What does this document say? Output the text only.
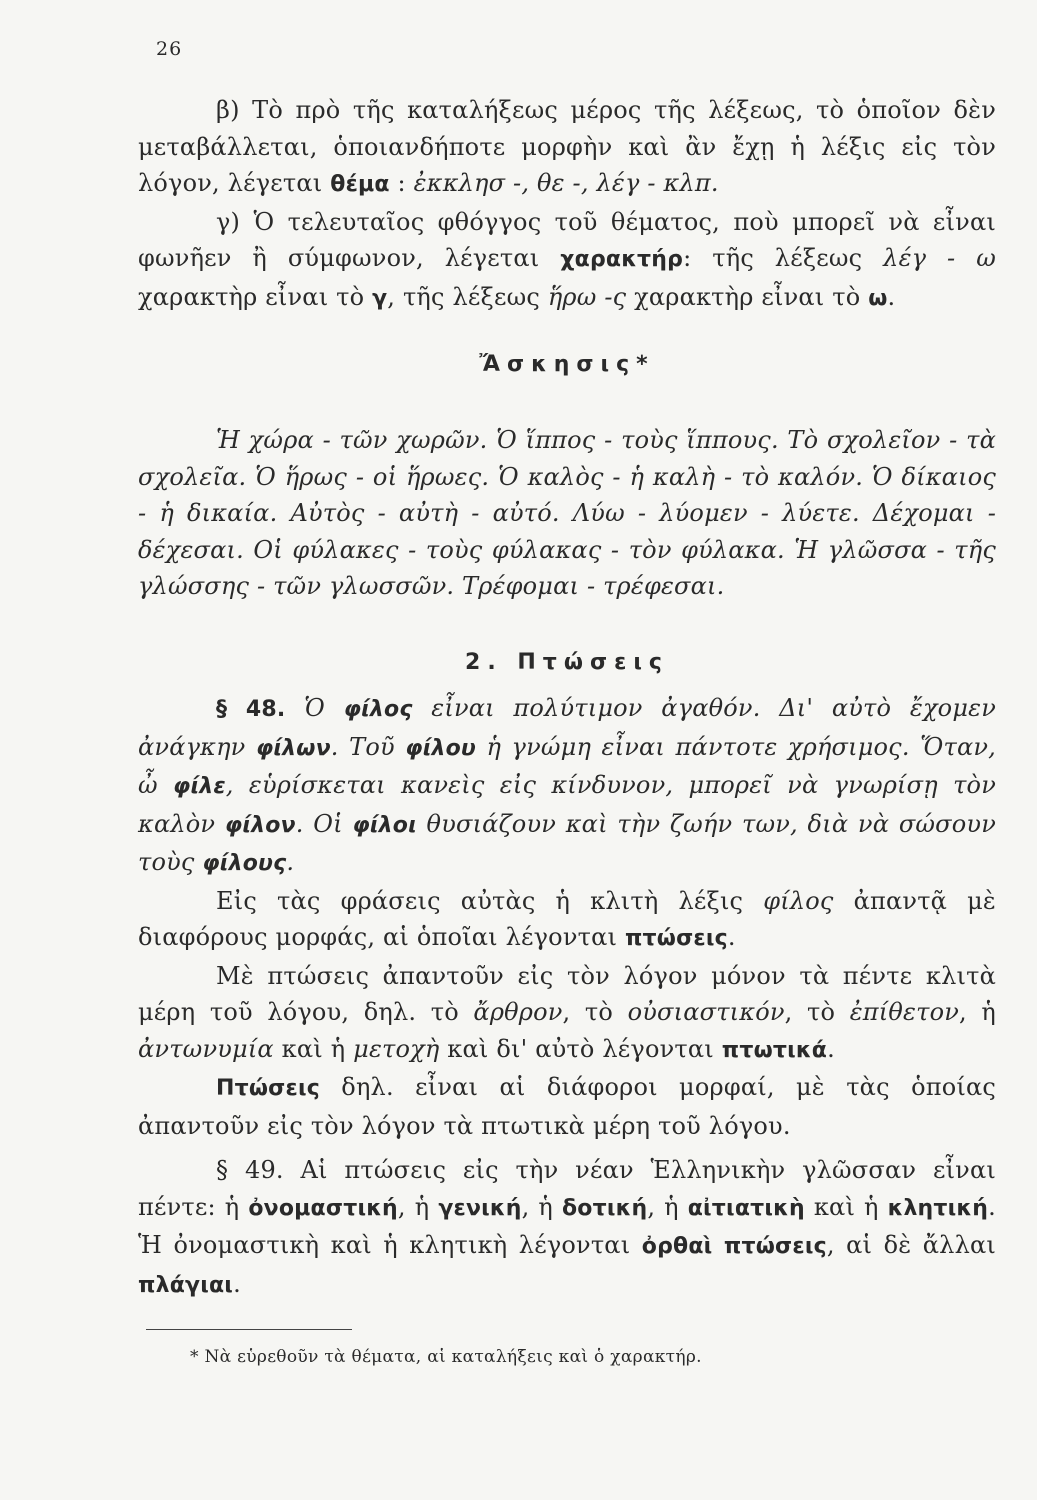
26

β) Τὸ πρὸ τῆς καταλήξεως μέρος τῆς λέξεως, τὸ ὁποῖον δὲν μεταβάλλεται, ὁποιανδήποτε μορφὴν καὶ ἂν ἔχῃ ἡ λέξις εἰς τὸν λόγον, λέγεται θέμα : ἐκκλησ -, θε -, λέγ - κλπ.

γ) Ὁ τελευταῖος φθόγγος τοῦ θέματος, ποὺ μπορεῖ νὰ εἶναι φωνῆεν ἢ σύμφωνον, λέγεται χαρακτήρ: τῆς λέξεως λέγ - ω χαρακτὴρ εἶναι τὸ γ, τῆς λέξεως ἥρω -ς χαρακτὴρ εἶναι τὸ ω.

Ἄσκησις*

Ἡ χώρα - τῶν χωρῶν. Ὁ ἵππος - τοὺς ἵππους. Τὸ σχολεῖον - τὰ σχολεῖα. Ὁ ἥρως - οἱ ἥρωες. Ὁ καλὸς - ἡ καλὴ - τὸ καλόν. Ὁ δίκαιος - ἡ δικαία. Αὐτὸς - αὐτὴ - αὐτό. Λύω - λύομεν - λύετε. Δέχομαι - δέχεσαι. Οἱ φύλακες - τοὺς φύλακας - τὸν φύλακα. Ἡ γλῶσσα - τῆς γλώσσης - τῶν γλωσσῶν. Τρέφομαι - τρέφεσαι.

2. Πτώσεις

§ 48. Ὁ φίλος εἶναι πολύτιμον ἀγαθόν. Δι' αὐτὸ ἔχομεν ἀνάγκην φίλων. Τοῦ φίλου ἡ γνώμη εἶναι πάντοτε χρήσιμος. Ὅταν, ὦ φίλε, εὑρίσκεται κανεὶς εἰς κίνδυνον, μπορεῖ νὰ γνωρίσῃ τὸν καλὸν φίλον. Οἱ φίλοι θυσιάζουν καὶ τὴν ζωήν των, διὰ νὰ σώσουν τοὺς φίλους.

Εἰς τὰς φράσεις αὐτὰς ἡ κλιτὴ λέξις φίλος ἀπαντᾷ μὲ διαφόρους μορφάς, αἱ ὁποῖαι λέγονται πτώσεις.

Μὲ πτώσεις ἀπαντοῦν εἰς τὸν λόγον μόνον τὰ πέντε κλιτὰ μέρη τοῦ λόγου, δηλ. τὸ ἄρθρον, τὸ οὐσιαστικόν, τὸ ἐπίθετον, ἡ ἀντωνυμία καὶ ἡ μετοχὴ καὶ δι' αὐτὸ λέγονται πτωτικά.

Πτώσεις δηλ. εἶναι αἱ διάφοροι μορφαί, μὲ τὰς ὁποίας ἀπαντοῦν εἰς τὸν λόγον τὰ πτωτικὰ μέρη τοῦ λόγου.

§ 49. Αἱ πτώσεις εἰς τὴν νέαν Ἑλληνικὴν γλῶσσαν εἶναι πέντε: ἡ ὀνομαστική, ἡ γενική, ἡ δοτική, ἡ αἰτιατικὴ καὶ ἡ κλητική. Ἡ ὀνομαστικὴ καὶ ἡ κλητικὴ λέγονται ὀρθαὶ πτώσεις, αἱ δὲ ἄλλαι πλάγιαι.

* Νὰ εὑρεθοῦν τὰ θέματα, αἱ καταλήξεις καὶ ὁ χαρακτήρ.
